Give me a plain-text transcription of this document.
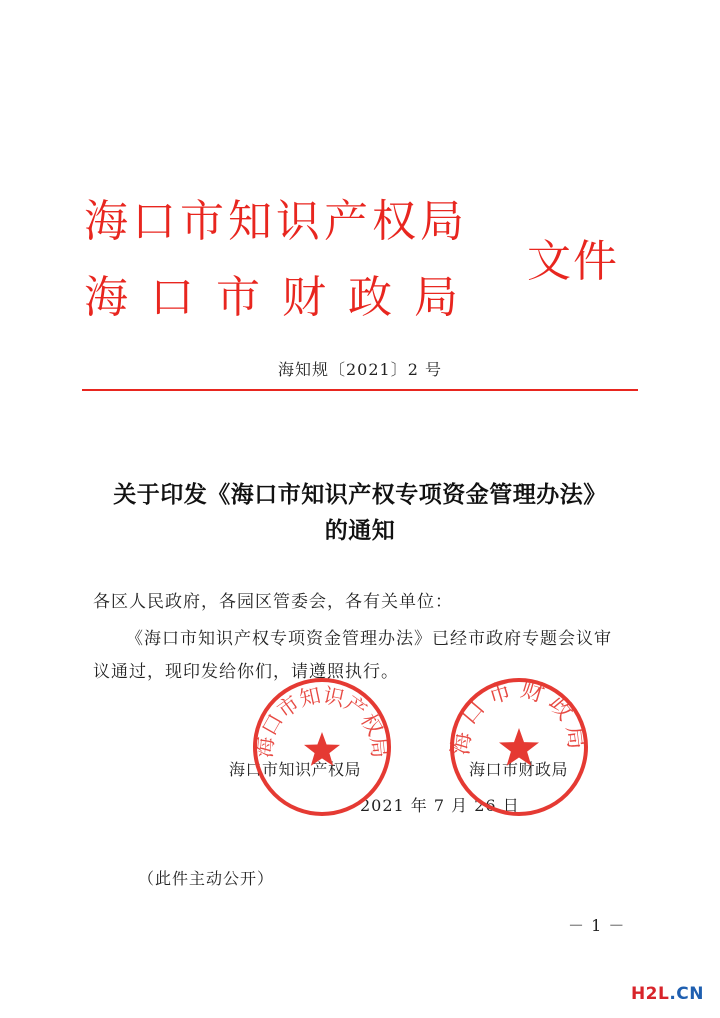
海口市知识产权局
海口市财政局
文件
海知规〔2021〕2 号
关于印发《海口市知识产权专项资金管理办法》
的通知
各区人民政府，各园区管委会，各有关单位：
《海口市知识产权专项资金管理办法》已经市政府专题会议审
议通过，现印发给你们，请遵照执行。
海口市知识产权局	海口市财政局
2021 年 7 月 26 日
海口市知识产权局 海口市财政局
（此件主动公开）
－ 1 －
H2L.CN
